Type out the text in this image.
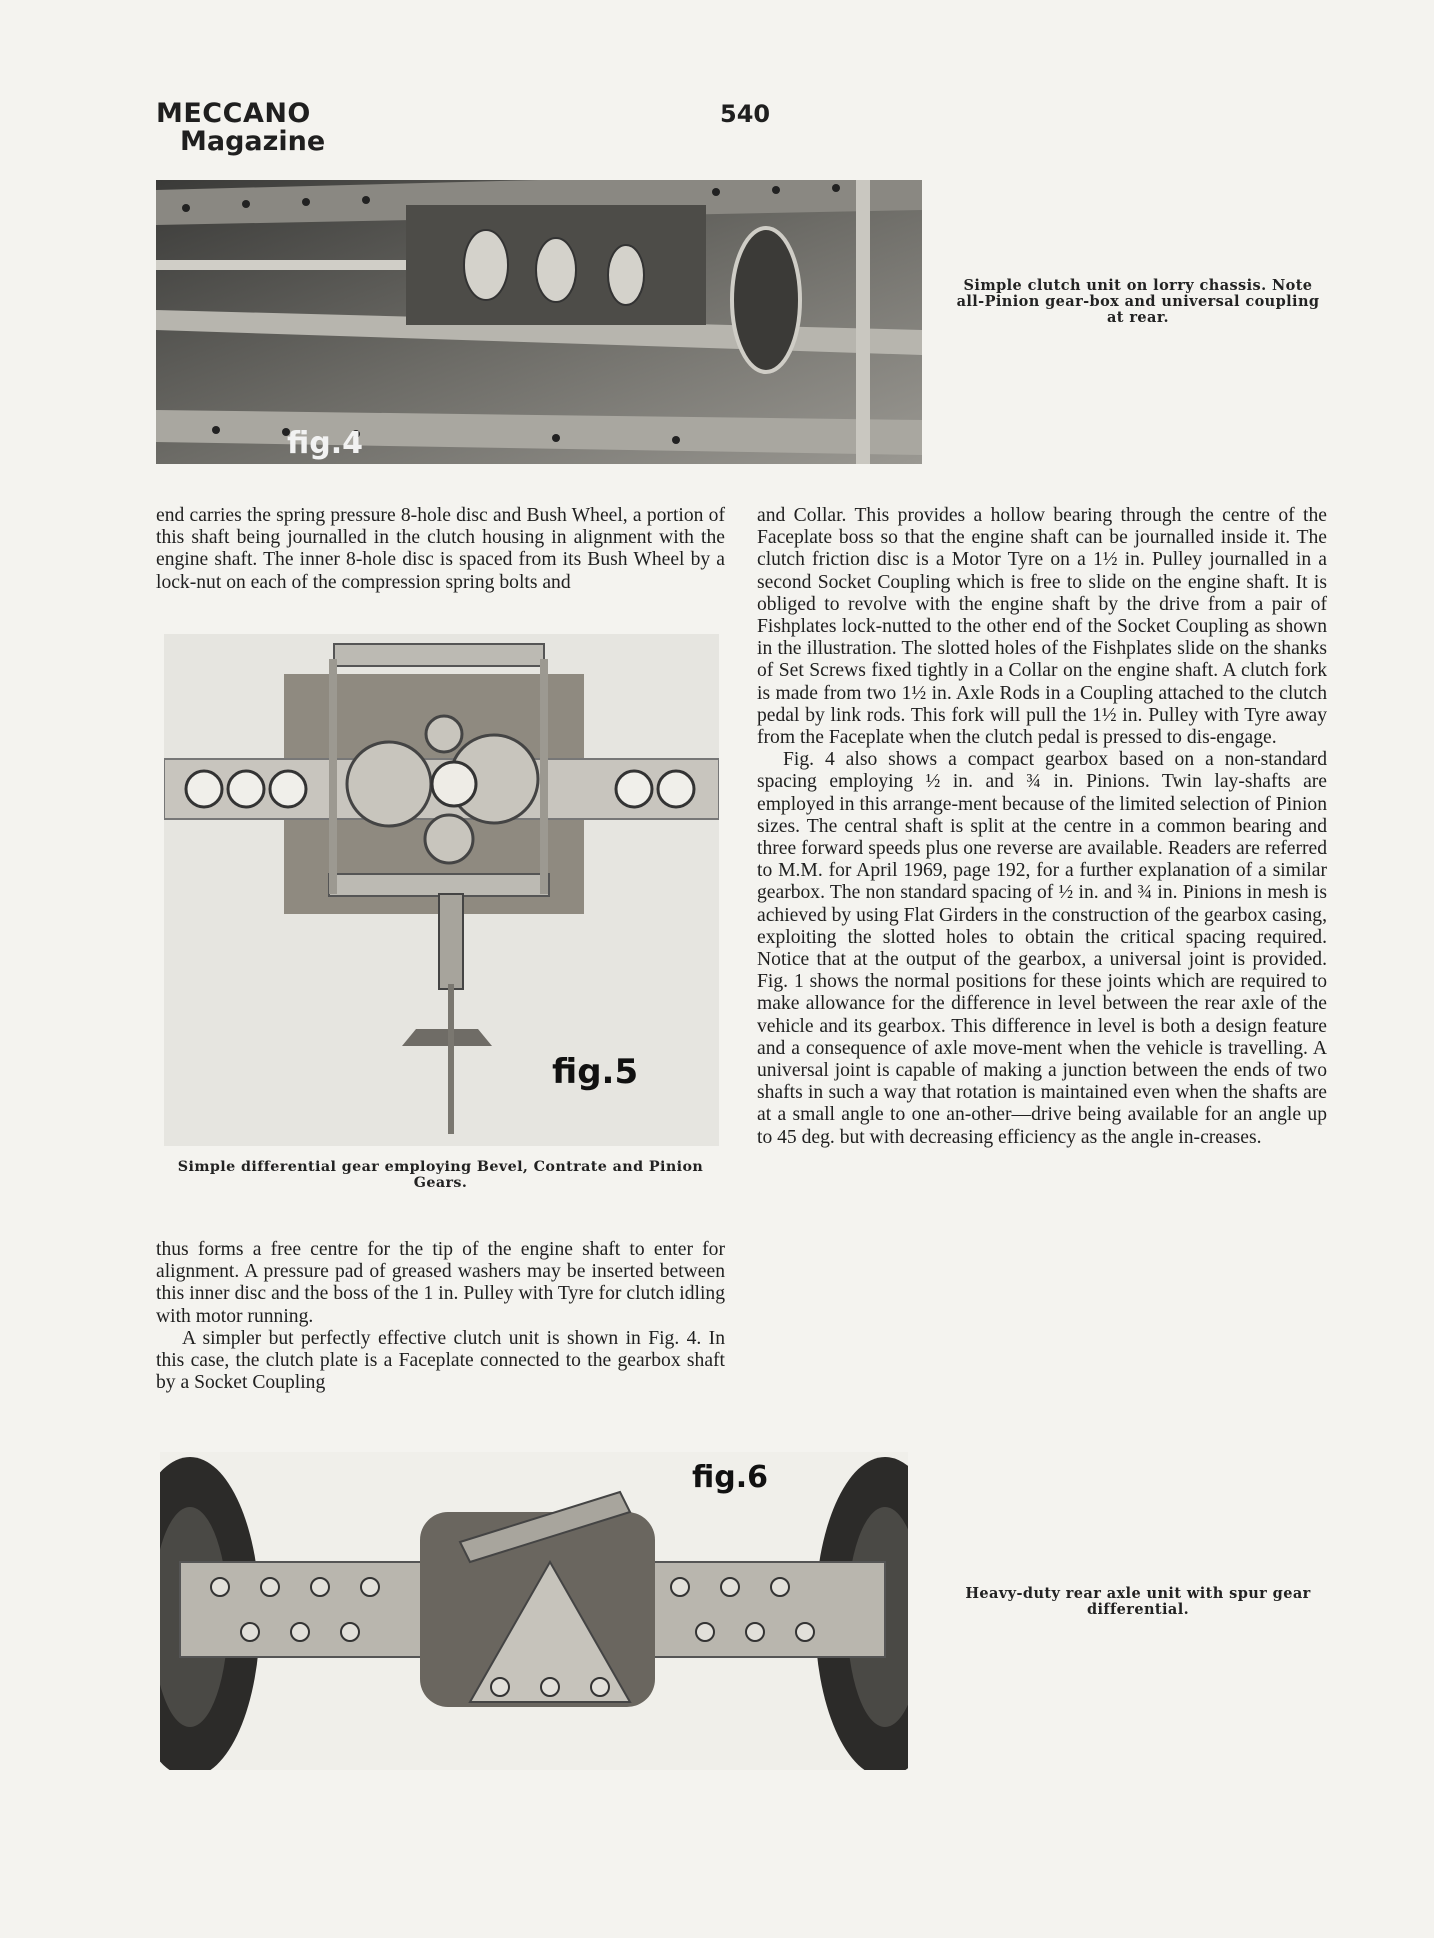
MECCANO
Magazine
540
fig.4
Simple clutch unit on lorry chassis. Note all-Pinion gear-box and universal coupling at rear.

end carries the spring pressure 8-hole disc and Bush Wheel, a portion of this shaft being journalled in the clutch housing in alignment with the engine shaft. The inner 8-hole disc is spaced from its Bush Wheel by a lock-nut on each of the compression spring bolts and

fig.5
Simple differential gear employing Bevel, Contrate and Pinion Gears.

thus forms a free centre for the tip of the engine shaft to enter for alignment. A pressure pad of greased washers may be inserted between this inner disc and the boss of the 1 in. Pulley with Tyre for clutch idling with motor running.

A simpler but perfectly effective clutch unit is shown in Fig. 4. In this case, the clutch plate is a Faceplate connected to the gearbox shaft by a Socket Coupling

and Collar. This provides a hollow bearing through the centre of the Faceplate boss so that the engine shaft can be journalled inside it. The clutch friction disc is a Motor Tyre on a 1½ in. Pulley journalled in a second Socket Coupling which is free to slide on the engine shaft. It is obliged to revolve with the engine shaft by the drive from a pair of Fishplates lock-nutted to the other end of the Socket Coupling as shown in the illustration. The slotted holes of the Fishplates slide on the shanks of Set Screws fixed tightly in a Collar on the engine shaft. A clutch fork is made from two 1½ in. Axle Rods in a Coupling attached to the clutch pedal by link rods. This fork will pull the 1½ in. Pulley with Tyre away from the Faceplate when the clutch pedal is pressed to dis-engage.

Fig. 4 also shows a compact gearbox based on a non-standard spacing employing ½ in. and ¾ in. Pinions. Twin lay-shafts are employed in this arrange-ment because of the limited selection of Pinion sizes. The central shaft is split at the centre in a common bearing and three forward speeds plus one reverse are available. Readers are referred to M.M. for April 1969, page 192, for a further explanation of a similar gearbox. The non standard spacing of ½ in. and ¾ in. Pinions in mesh is achieved by using Flat Girders in the construction of the gearbox casing, exploiting the slotted holes to obtain the critical spacing required. Notice that at the output of the gearbox, a universal joint is provided. Fig. 1 shows the normal positions for these joints which are required to make allowance for the difference in level between the rear axle of the vehicle and its gearbox. This difference in level is both a design feature and a consequence of axle move-ment when the vehicle is travelling. A universal joint is capable of making a junction between the ends of two shafts in such a way that rotation is maintained even when the shafts are at a small angle to one an-other—drive being available for an angle up to 45 deg. but with decreasing efficiency as the angle in-creases.

fig.6
Heavy-duty rear axle unit with spur gear differential.
